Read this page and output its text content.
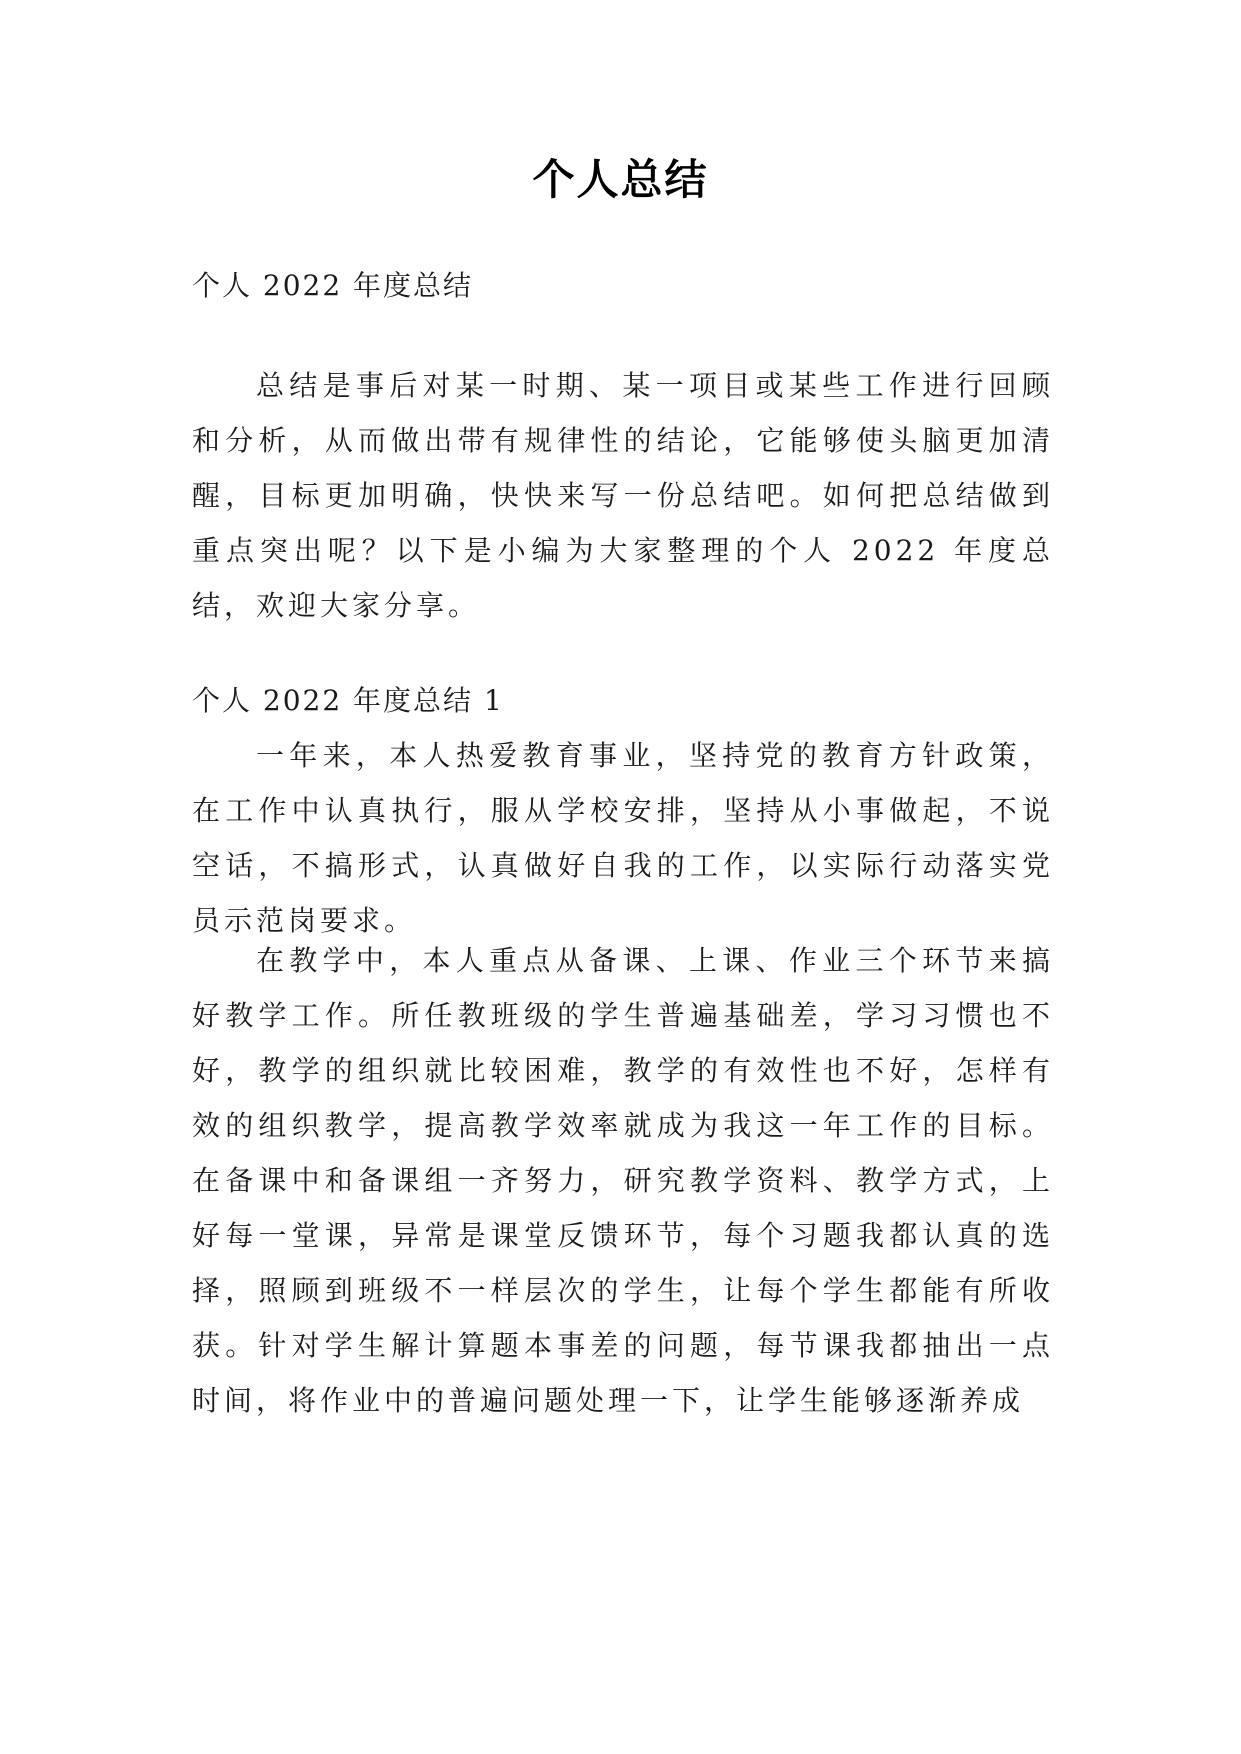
个人总结

个人 2022 年度总结

总结是事后对某一时期、某一项目或某些工作进行回顾和分析，从而做出带有规律性的结论，它能够使头脑更加清醒，目标更加明确，快快来写一份总结吧。如何把总结做到重点突出呢？以下是小编为大家整理的个人 2022 年度总结，欢迎大家分享。

个人 2022 年度总结 1

一年来，本人热爱教育事业，坚持党的教育方针政策，在工作中认真执行，服从学校安排，坚持从小事做起，不说空话，不搞形式，认真做好自我的工作，以实际行动落实党员示范岗要求。

在教学中，本人重点从备课、上课、作业三个环节来搞好教学工作。所任教班级的学生普遍基础差，学习习惯也不好，教学的组织就比较困难，教学的有效性也不好，怎样有效的组织教学，提高教学效率就成为我这一年工作的目标。在备课中和备课组一齐努力，研究教学资料、教学方式，上好每一堂课，异常是课堂反馈环节，每个习题我都认真的选择，照顾到班级不一样层次的学生，让每个学生都能有所收获。针对学生解计算题本事差的问题，每节课我都抽出一点时间，将作业中的普遍问题处理一下，让学生能够逐渐养成
